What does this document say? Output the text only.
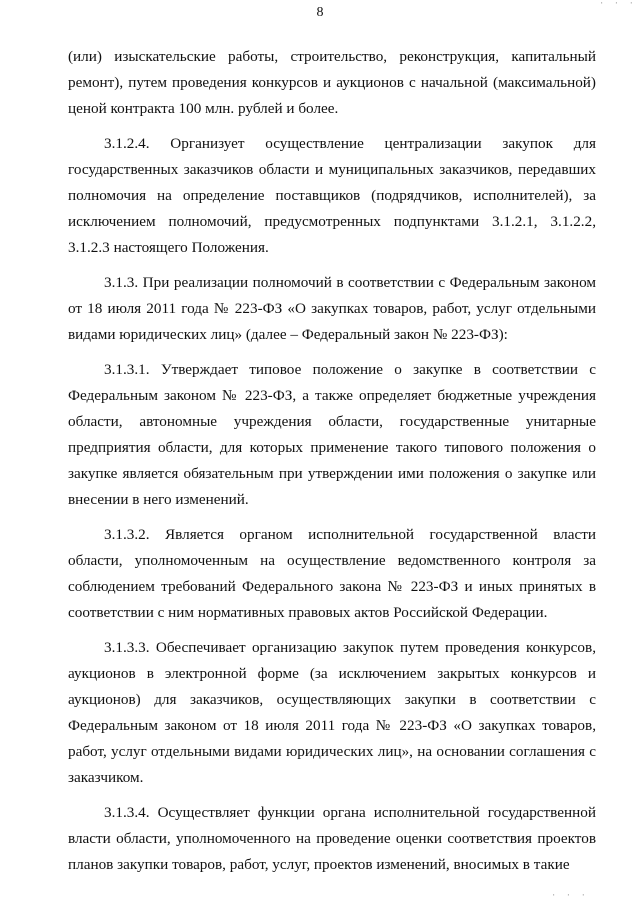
· · ·
8

(или) изыскательские работы, строительство, реконструкция, капитальный ремонт), путем проведения конкурсов и аукционов с начальной (максимальной) ценой контракта 100 млн. рублей и более.

3.1.2.4. Организует осуществление централизации закупок для государственных заказчиков области и муниципальных заказчиков, передавших полномочия на определение поставщиков (подрядчиков, исполнителей), за исключением полномочий, предусмотренных подпунктами 3.1.2.1, 3.1.2.2, 3.1.2.3 настоящего Положения.

3.1.3. При реализации полномочий в соответствии с Федеральным законом от 18 июля 2011 года № 223-ФЗ «О закупках товаров, работ, услуг отдельными видами юридических лиц» (далее – Федеральный закон № 223-ФЗ):

3.1.3.1. Утверждает типовое положение о закупке в соответствии с Федеральным законом № 223-ФЗ, а также определяет бюджетные учреждения области, автономные учреждения области, государственные унитарные предприятия области, для которых применение такого типового положения о закупке является обязательным при утверждении ими положения о закупке или внесении в него изменений.

3.1.3.2. Является органом исполнительной государственной власти области, уполномоченным на осуществление ведомственного контроля за соблюдением требований Федерального закона № 223-ФЗ и иных принятых в соответствии с ним нормативных правовых актов Российской Федерации.

3.1.3.3. Обеспечивает организацию закупок путем проведения конкурсов, аукционов в электронной форме (за исключением закрытых конкурсов и аукционов) для заказчиков, осуществляющих закупки в соответствии с Федеральным законом от 18 июля 2011 года № 223-ФЗ «О закупках товаров, работ, услуг отдельными видами юридических лиц», на основании соглашения с заказчиком.

3.1.3.4. Осуществляет функции органа исполнительной государственной власти области, уполномоченного на проведение оценки соответствия проектов планов закупки товаров, работ, услуг, проектов изменений, вносимых в такие

· · ·
